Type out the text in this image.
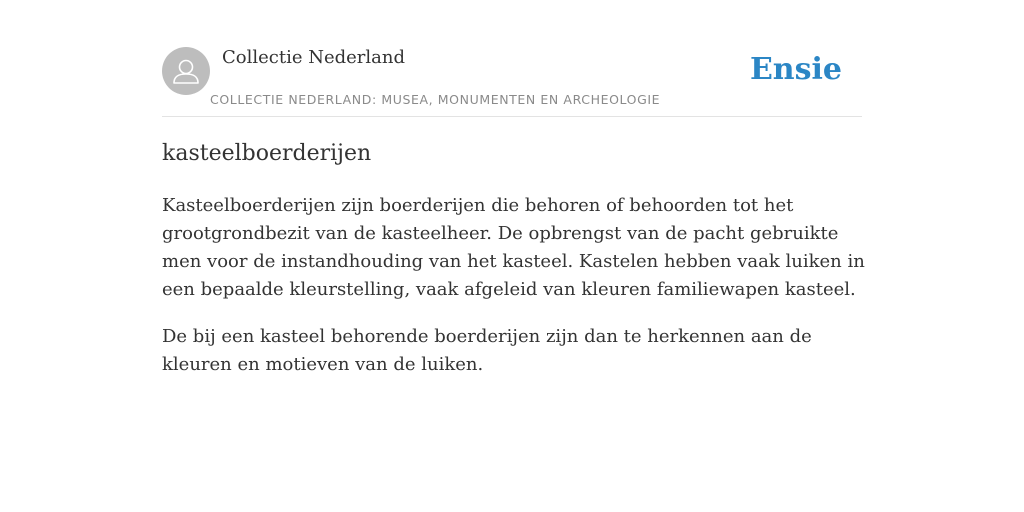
Collectie Nederland
COLLECTIE NEDERLAND: MUSEA, MONUMENTEN EN ARCHEOLOGIE
Ensie
kasteelboerderijen

Kasteelboerderijen zijn boerderijen die behoren of behoorden tot het grootgrondbezit van de kasteelheer. De opbrengst van de pacht gebruikte men voor de instandhouding van het kasteel. Kastelen hebben vaak luiken in een bepaalde kleurstelling, vaak afgeleid van kleuren familiewapen kasteel.

De bij een kasteel behorende boerderijen zijn dan te herkennen aan de kleuren en motieven van de luiken.
